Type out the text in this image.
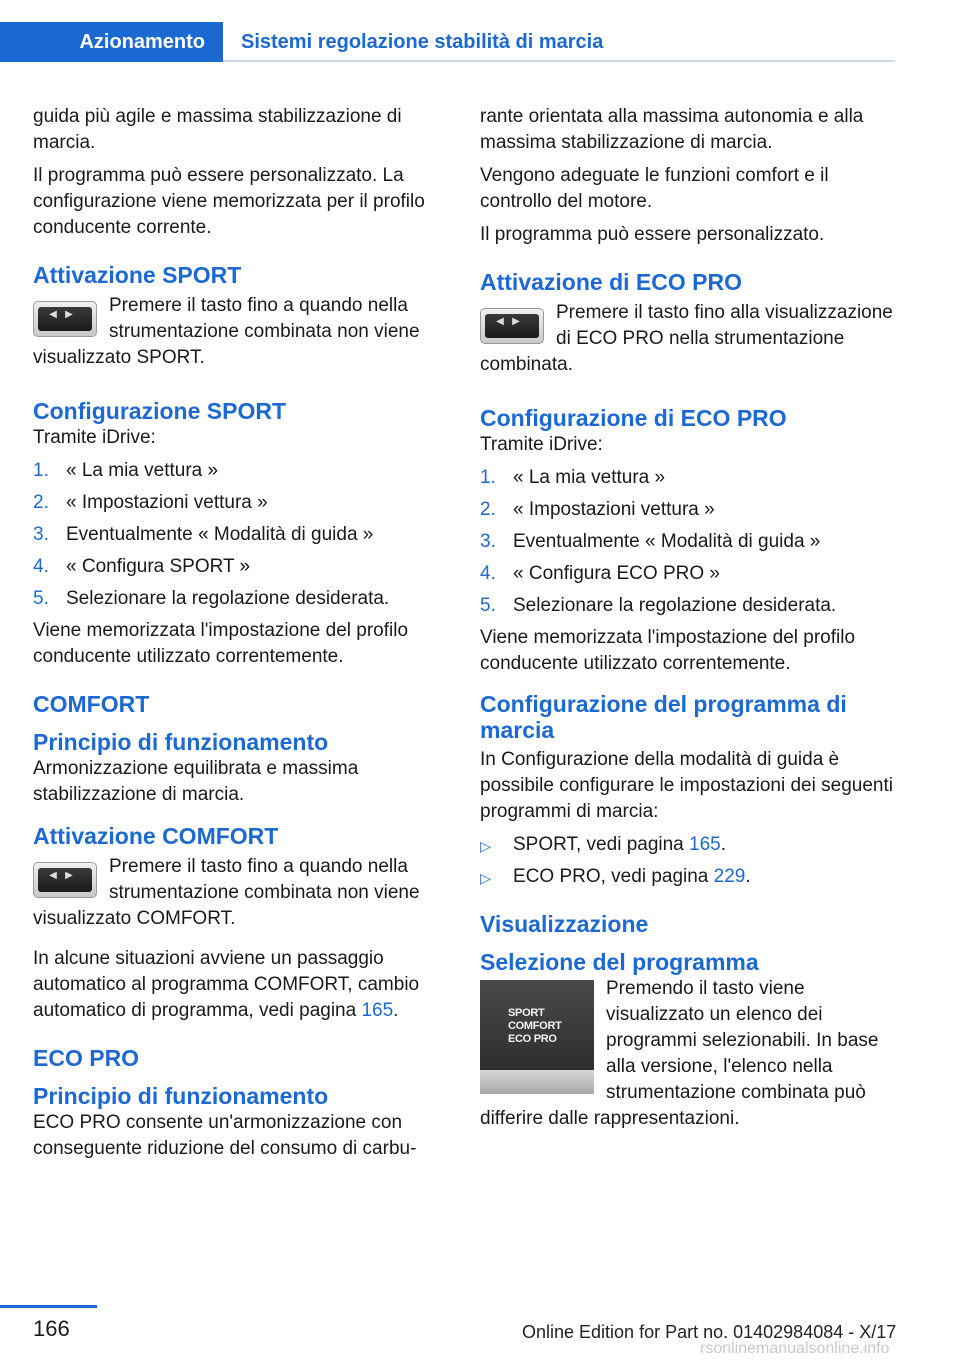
Azionamento	Sistemi regolazione stabilità di marcia

guida più agile e massima stabilizzazione di marcia.

Il programma può essere personalizzato. La configurazione viene memorizzata per il profilo conducente corrente.

Attivazione SPORT
◀ ▶ Premere il tasto fino a quando nella strumentazione combinata non viene visualizzato SPORT.
Configurazione SPORT

Tramite iDrive:

1. « La mia vettura »
2. « Impostazioni vettura »
3. Eventualmente « Modalità di guida »
4. « Configura SPORT »
5. Selezionare la regolazione desiderata.

Viene memorizzata l'impostazione del profilo conducente utilizzato correntemente.

COMFORT
Principio di funzionamento

Armonizzazione equilibrata e massima stabilizzazione di marcia.

Attivazione COMFORT
◀ ▶ Premere il tasto fino a quando nella strumentazione combinata non viene visualizzato COMFORT.

In alcune situazioni avviene un passaggio automatico al programma COMFORT, cambio automatico di programma, vedi pagina 165.

ECO PRO
Principio di funzionamento

ECO PRO consente un'armonizzazione con conseguente riduzione del consumo di carbu-

rante orientata alla massima autonomia e alla massima stabilizzazione di marcia.

Vengono adeguate le funzioni comfort e il controllo del motore.

Il programma può essere personalizzato.

Attivazione di ECO PRO
◀ ▶ Premere il tasto fino alla visualizzazione di ECO PRO nella strumentazione combinata.
Configurazione di ECO PRO

Tramite iDrive:

1. « La mia vettura »
2. « Impostazioni vettura »
3. Eventualmente « Modalità di guida »
4. « Configura ECO PRO »
5. Selezionare la regolazione desiderata.

Viene memorizzata l'impostazione del profilo conducente utilizzato correntemente.

Configurazione del programma di marcia

In Configurazione della modalità di guida è possibile configurare le impostazioni dei seguenti programmi di marcia:

▷ SPORT, vedi pagina 165.
▷ ECO PRO, vedi pagina 229.
Visualizzazione
Selezione del programma
SPORT
COMFORT
ECO PRO
Premendo il tasto viene visualizzato un elenco dei programmi selezionabili. In base alla versione, l'elenco nella strumentazione combinata può differire dalle rappresentazioni.
166	Online Edition for Part no. 01402984084 - X/17
rsonlinemanualsonline.info
